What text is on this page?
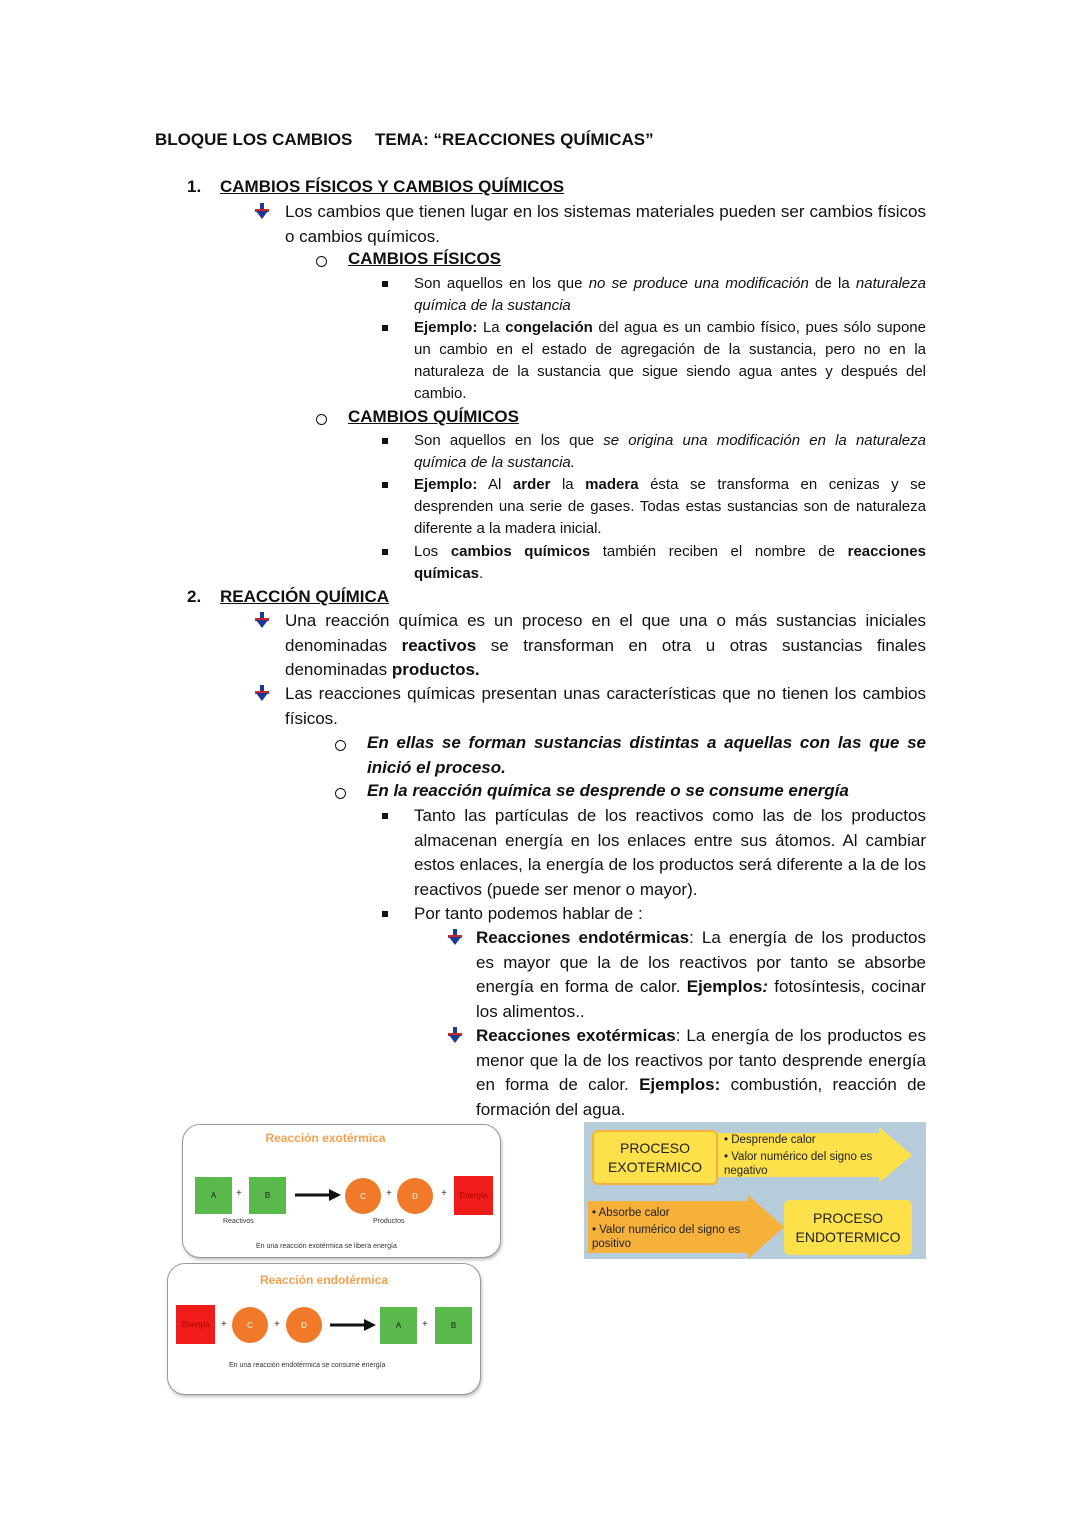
BLOQUE LOS CAMBIOS TEMA: “REACCIONES QUÍMICAS”
1. CAMBIOS FÍSICOS Y CAMBIOS QUÍMICOS
Los cambios que tienen lugar en los sistemas materiales pueden ser cambios físicos o cambios químicos.
CAMBIOS FÍSICOS
Son aquellos en los que no se produce una modificación de la naturaleza química de la sustancia
Ejemplo: La congelación del agua es un cambio físico, pues sólo supone un cambio en el estado de agregación de la sustancia, pero no en la naturaleza de la sustancia que sigue siendo agua antes y después del cambio.
CAMBIOS QUÍMICOS
Son aquellos en los que se origina una modificación en la naturaleza química de la sustancia.
Ejemplo: Al arder la madera ésta se transforma en cenizas y se desprenden una serie de gases. Todas estas sustancias son de naturaleza diferente a la madera inicial.
Los cambios químicos también reciben el nombre de reacciones químicas.
2. REACCIÓN QUÍMICA
Una reacción química es un proceso en el que una o más sustancias iniciales denominadas reactivos se transforman en otra u otras sustancias finales denominadas productos.
Las reacciones químicas presentan unas características que no tienen los cambios físicos.
En ellas se forman sustancias distintas a aquellas con las que se inició el proceso.
En la reacción química se desprende o se consume energía
Tanto las partículas de los reactivos como las de los productos almacenan energía en los enlaces entre sus átomos. Al cambiar estos enlaces, la energía de los productos será diferente a la de los reactivos (puede ser menor o mayor).
Por tanto podemos hablar de :
Reacciones endotérmicas: La energía de los productos es mayor que la de los reactivos por tanto se absorbe energía en forma de calor. Ejemplos: fotosíntesis, cocinar los alimentos..
Reacciones exotérmicas: La energía de los productos es menor que la de los reactivos por tanto desprende energía en forma de calor. Ejemplos: combustión, reacción de formación del agua.
Reacción exotérmica
A	+	B	→	C	+	D	+	Energía
Reactivos	Productos
En una reacción exotérmica se libera energía
Reacción endotérmica
Energía	+	C	+	D	→	A	+	B
En una reacción endotérmica se consume energía
PROCESO EXOTERMICO
• Desprende calor
• Valor numérico del signo es negativo
• Absorbe calor
• Valor numérico del signo es positivo
PROCESO ENDOTERMICO
